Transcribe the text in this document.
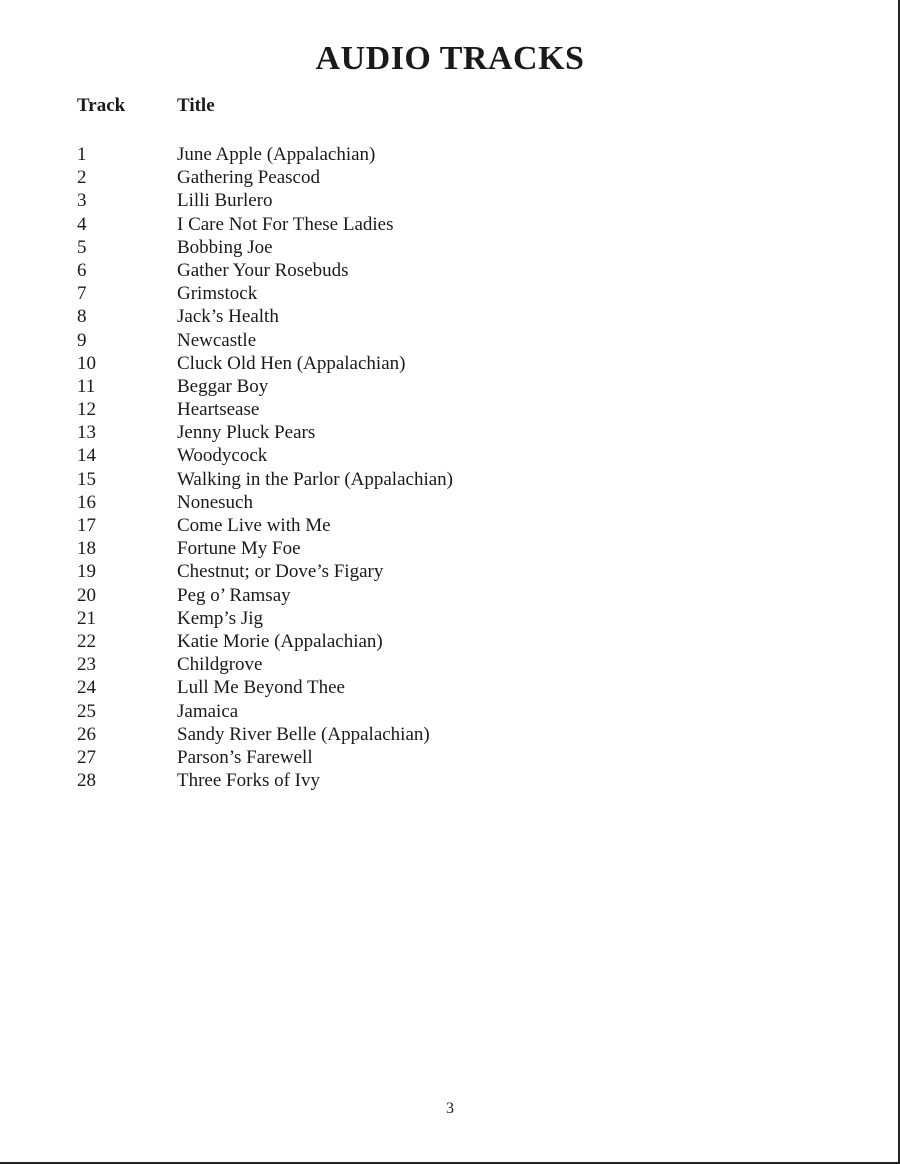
AUDIO TRACKS
Track	Title
1	June Apple (Appalachian)
2	Gathering Peascod
3	Lilli Burlero
4	I Care Not For These Ladies
5	Bobbing Joe
6	Gather Your Rosebuds
7	Grimstock
8	Jack’s Health
9	Newcastle
10	Cluck Old Hen (Appalachian)
11	Beggar Boy
12	Heartsease
13	Jenny Pluck Pears
14	Woodycock
15	Walking in the Parlor (Appalachian)
16	Nonesuch
17	Come Live with Me
18	Fortune My Foe
19	Chestnut; or Dove’s Figary
20	Peg o’ Ramsay
21	Kemp’s Jig
22	Katie Morie (Appalachian)
23	Childgrove
24	Lull Me Beyond Thee
25	Jamaica
26	Sandy River Belle (Appalachian)
27	Parson’s Farewell
28	Three Forks of Ivy
3
